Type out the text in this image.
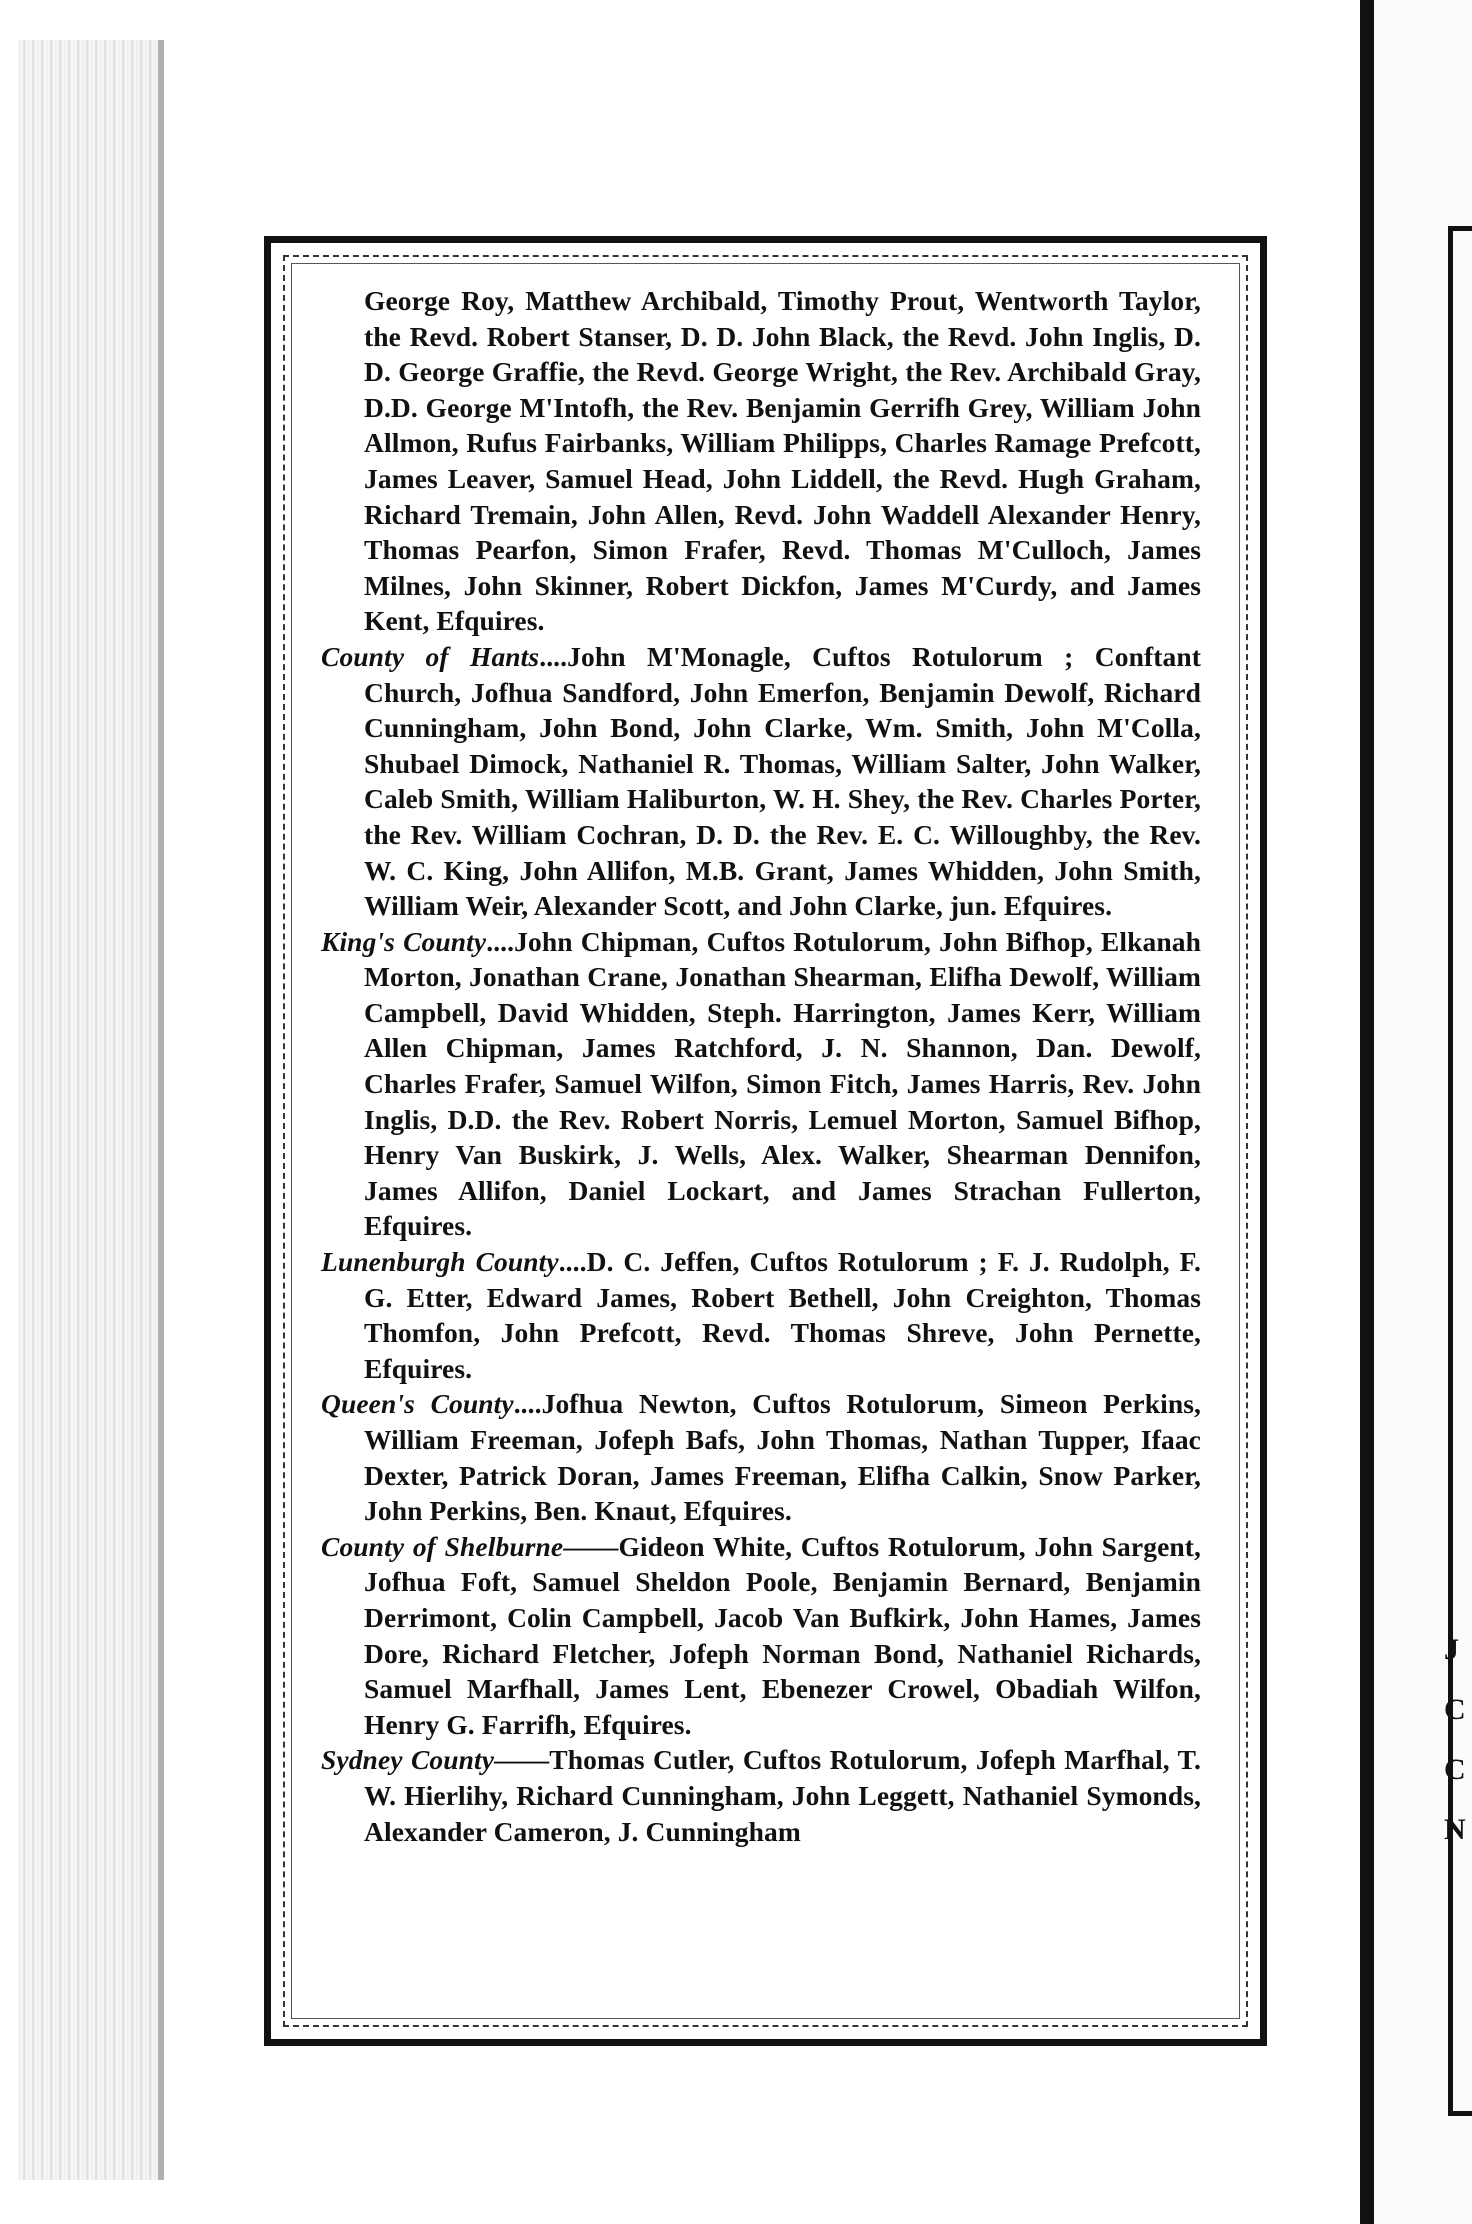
J
C
C
N

George Roy, Matthew Archibald, Timothy Prout, Wentworth Taylor, the Revd. Robert Stanser, D. D. John Black, the Revd. John Inglis, D. D. George Graffie, the Revd. George Wright, the Rev. Archibald Gray, D.D. George M'Intofh, the Rev. Benjamin Gerrifh Grey, William John Allmon, Rufus Fairbanks, William Philipps, Charles Ramage Prefcott, James Leaver, Samuel Head, John Liddell, the Revd. Hugh Graham, Richard Tremain, John Allen, Revd. John Waddell Alexander Henry, Thomas Pearfon, Simon Frafer, Revd. Thomas M'Culloch, James Milnes, John Skinner, Robert Dickfon, James M'Curdy, and James Kent, Efquires.

County of Hants....John M'Monagle, Cuftos Rotulorum ; Conftant Church, Jofhua Sandford, John Emerfon, Benjamin Dewolf, Richard Cunningham, John Bond, John Clarke, Wm. Smith, John M'Colla, Shubael Dimock, Nathaniel R. Thomas, William Salter, John Walker, Caleb Smith, William Haliburton, W. H. Shey, the Rev. Charles Porter, the Rev. William Cochran, D. D. the Rev. E. C. Willoughby, the Rev. W. C. King, John Allifon, M.B. Grant, James Whidden, John Smith, William Weir, Alexander Scott, and John Clarke, jun. Efquires.

King's County....John Chipman, Cuftos Rotulorum, John Bifhop, Elkanah Morton, Jonathan Crane, Jonathan Shearman, Elifha Dewolf, William Campbell, David Whidden, Steph. Harrington, James Kerr, William Allen Chipman, James Ratchford, J. N. Shannon, Dan. Dewolf, Charles Frafer, Samuel Wilfon, Simon Fitch, James Harris, Rev. John Inglis, D.D. the Rev. Robert Norris, Lemuel Morton, Samuel Bifhop, Henry Van Buskirk, J. Wells, Alex. Walker, Shearman Dennifon, James Allifon, Daniel Lockart, and James Strachan Fullerton, Efquires.

Lunenburgh County....D. C. Jeffen, Cuftos Rotulorum ; F. J. Rudolph, F. G. Etter, Edward James, Robert Bethell, John Creighton, Thomas Thomfon, John Prefcott, Revd. Thomas Shreve, John Pernette, Efquires.

Queen's County....Jofhua Newton, Cuftos Rotulorum, Simeon Perkins, William Freeman, Jofeph Bafs, John Thomas, Nathan Tupper, Ifaac Dexter, Patrick Doran, James Freeman, Elifha Calkin, Snow Parker, John Perkins, Ben. Knaut, Efquires.

County of Shelburne——Gideon White, Cuftos Rotulorum, John Sargent, Jofhua Foft, Samuel Sheldon Poole, Benjamin Bernard, Benjamin Derrimont, Colin Campbell, Jacob Van Bufkirk, John Hames, James Dore, Richard Fletcher, Jofeph Norman Bond, Nathaniel Richards, Samuel Marfhall, James Lent, Ebenezer Crowel, Obadiah Wilfon, Henry G. Farrifh, Efquires.

Sydney County——Thomas Cutler, Cuftos Rotulorum, Jofeph Marfhal, T. W. Hierlihy, Richard Cunningham, John Leggett, Nathaniel Symonds, Alexander Cameron, J. Cunningham
